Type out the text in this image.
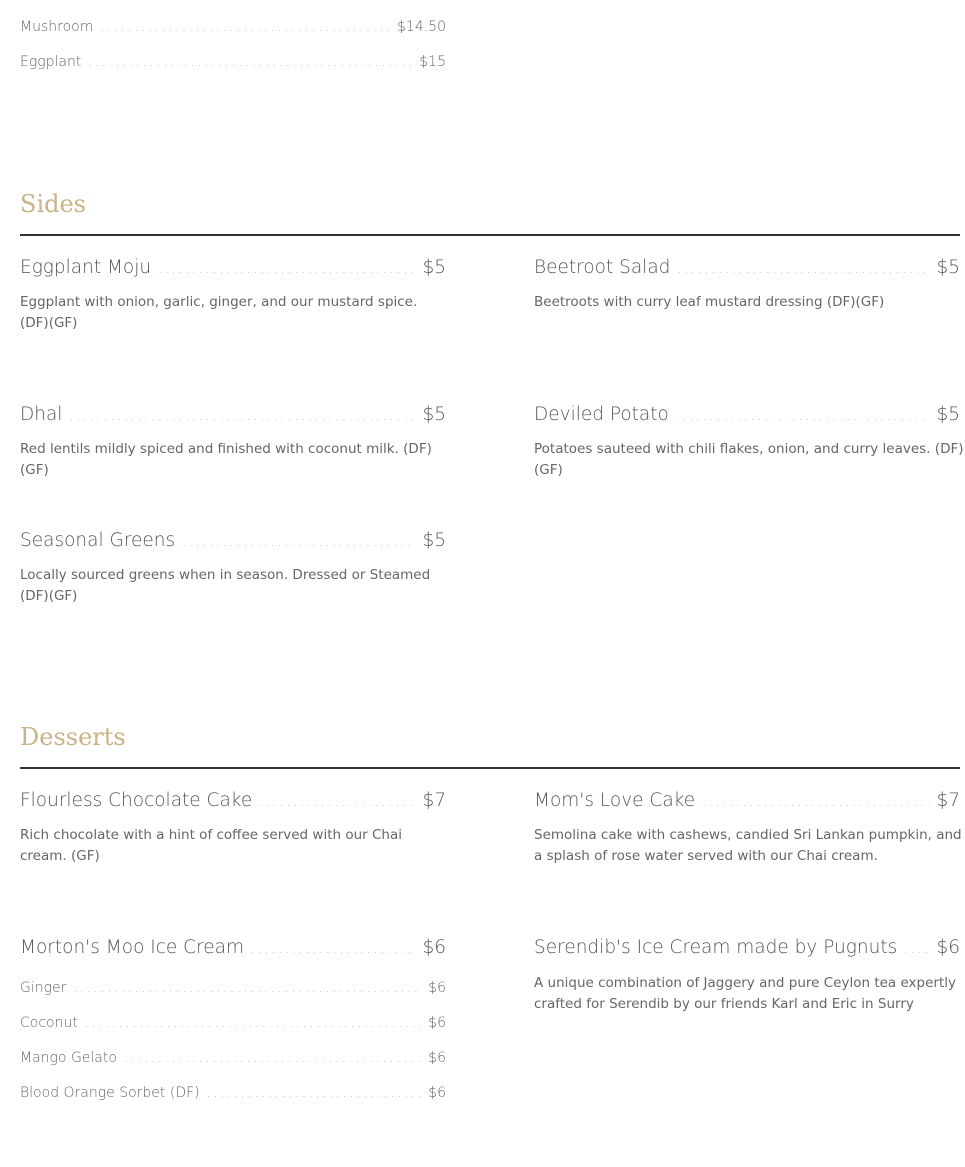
Mushroom .....	$14.50
Eggplant .....	$15
Sides
Eggplant Moju .....	$5
Eggplant with onion, garlic, ginger, and our mustard spice. (DF)(GF)
Beetroot Salad .....	$5
Beetroots with curry leaf mustard dressing (DF)(GF)
Dhal .....	$5
Red lentils mildly spiced and finished with coconut milk. (DF)(GF)
Deviled Potato .....	$5
Potatoes sauteed with chili flakes, onion, and curry leaves. (DF)(GF)
Seasonal Greens .....	$5
Locally sourced greens when in season. Dressed or Steamed (DF)(GF)
Desserts
Flourless Chocolate Cake .....	$7
Rich chocolate with a hint of coffee served with our Chai cream. (GF)
Mom's Love Cake .....	$7
Semolina cake with cashews, candied Sri Lankan pumpkin, and a splash of rose water served with our Chai cream.
Morton's Moo Ice Cream .....	$6	Serendib's Ice Cream made by Pugnuts ..... $6
A unique combination of Jaggery and pure Ceylon tea expertly crafted for Serendib by our friends Karl and Eric in Surry
Ginger .....	$6
Coconut .....	$6
Mango Gelato .....	$6
Blood Orange Sorbet (DF) .....	$6
